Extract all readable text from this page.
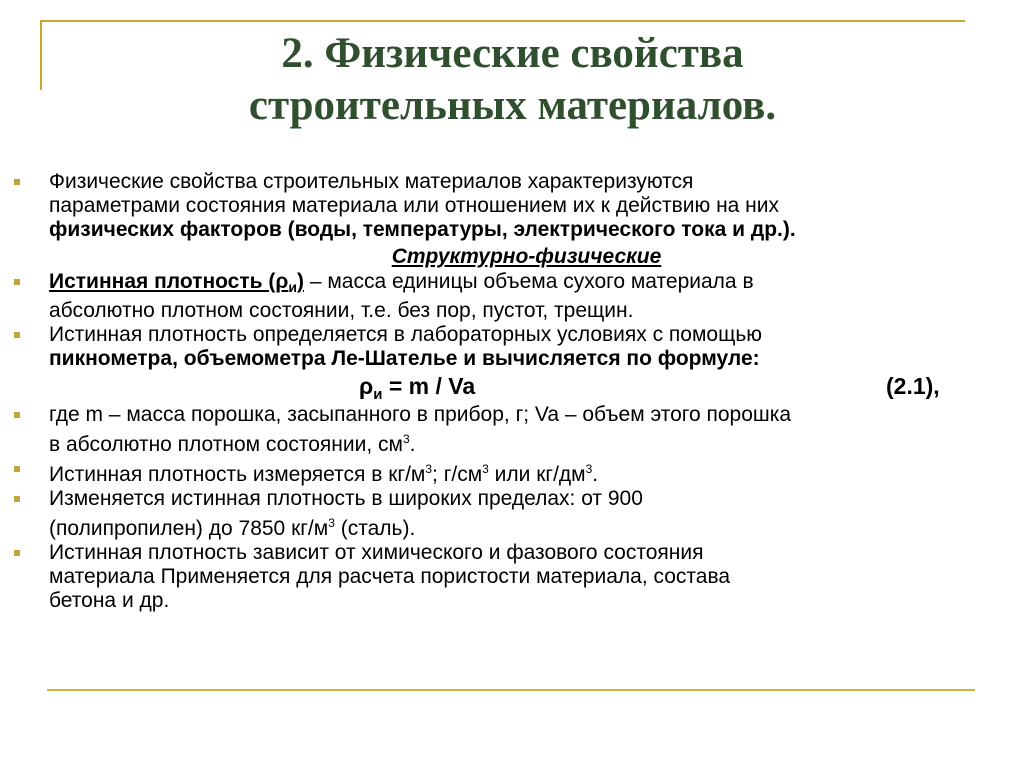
2. Физические свойства
строительных материалов.
Физические свойства строительных материалов характеризуются
параметрами состояния материала или отношением их к действию на них
физических факторов (воды, температуры, электрического тока и др.).
Структурно-физические
Истинная плотность $(\rho_и)$ – масса единицы объема сухого материала в
абсолютно плотном состоянии, т.е. без пор, пустот, трещин.
Истинная плотность определяется в лабораторных условиях с помощью
пикнометра, объемометра Ле-Шателье и вычисляется по формуле:
$\rho_и = m / Va$	(2.1),
где m – масса порошка, засыпанного в прибор, г; Va – объем этого порошка
в абсолютно плотном состоянии, $см^3$.
Истинная плотность измеряется в $кг/м^3$; $г/см^3$ или $кг/дм^3$.
Изменяется истинная плотность в широких пределах: от 900
(полипропилен) до 7850 $кг/м^3$ (сталь).
Истинная плотность зависит от химического и фазового состояния
материала Применяется для расчета пористости материала, состава
бетона и др.
